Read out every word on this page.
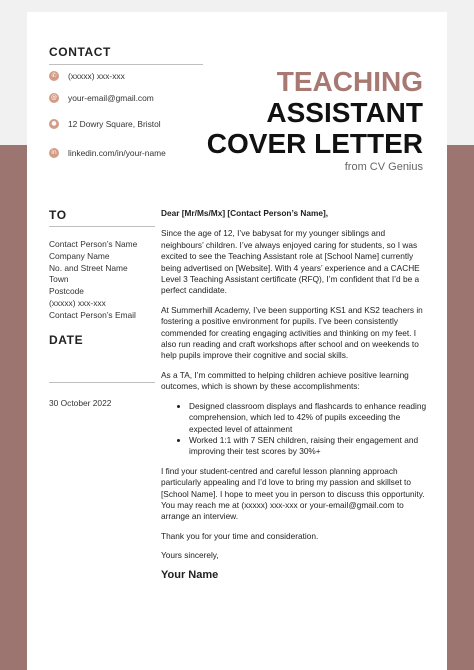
CONTACT
✆ (xxxxx) xxx-xxx
@ your-email@gmail.com
● 12 Dowry Square, Bristol
in linkedin.com/in/your-name
TEACHING
ASSISTANT
COVER LETTER
from CV Genius
TO
Contact Person’s Name
Company Name
No. and Street Name
Town
Postcode
(xxxxx) xxx-xxx
Contact Person’s Email
DATE
30 October 2022

Dear [Mr/Ms/Mx] [Contact Person’s Name],

Since the age of 12, I’ve babysat for my younger siblings and neighbours’ children. I’ve always enjoyed caring for students, so I was excited to see the Teaching Assistant role at [School Name] currently being advertised on [Website]. With 4 years’ experience and a CACHE Level 3 Teaching Assistant certificate (RFQ), I’m confident that I’d be a perfect candidate.

At Summerhill Academy, I’ve been supporting KS1 and KS2 teachers in fostering a positive environment for pupils. I’ve been consistently commended for creating engaging activities and thinking on my feet. I also run reading and craft workshops after school and on weekends to help pupils improve their cognitive and social skills.

As a TA, I’m committed to helping children achieve positive learning outcomes, which is shown by these accomplishments:

• Designed classroom displays and flashcards to enhance reading comprehension, which led to 42% of pupils exceeding the expected level of attainment
• Worked 1:1 with 7 SEN children, raising their engagement and improving their test scores by 30%+

I find your student-centred and careful lesson planning approach particularly appealing and I’d love to bring my passion and skillset to [School Name]. I hope to meet you in person to discuss this opportunity. You may reach me at (xxxxx) xxx-xxx or your-email@gmail.com to arrange an interview.

Thank you for your time and consideration.

Yours sincerely,

Your Name
